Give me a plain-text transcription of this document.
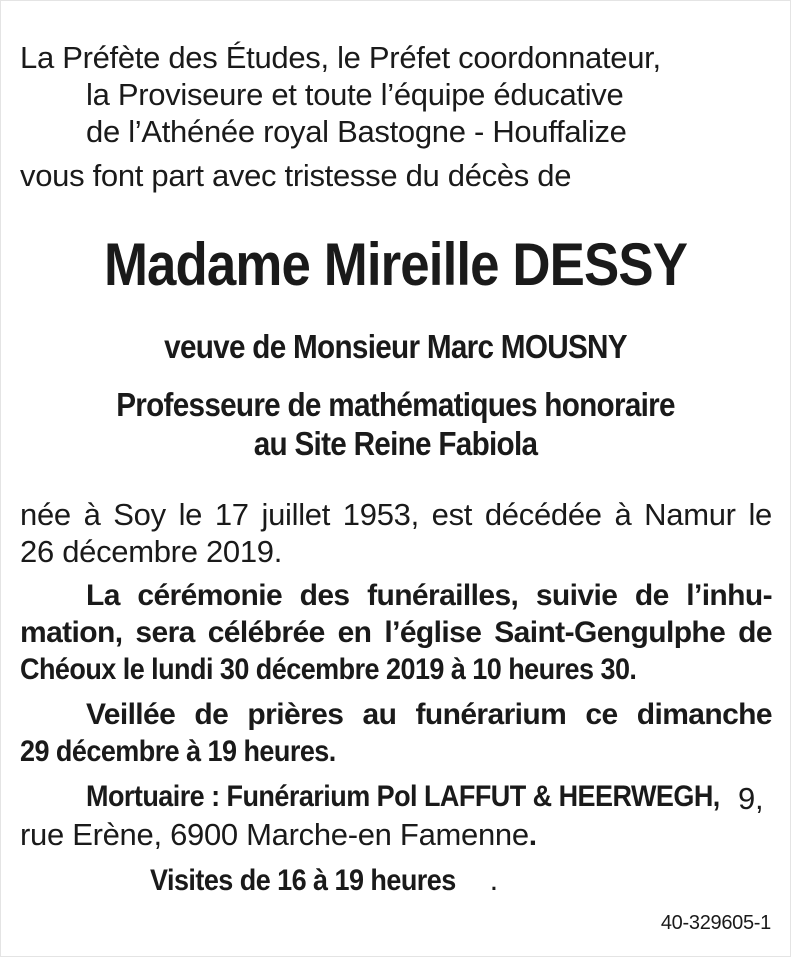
La Préfète des Études, le Préfet coordonnateur,
la Proviseure et toute l’équipe éducative
de l’Athénée royal Bastogne - Houffalize
vous font part avec tristesse du décès de
Madame Mireille DESSY
veuve de Monsieur Marc MOUSNY
Professeure de mathématiques honoraire
au Site Reine Fabiola
née à Soy le 17 juillet 1953, est décédée à Namur le
26 décembre 2019.
La cérémonie des funérailles, suivie de l’inhu-
mation, sera célébrée en l’église Saint-Gengulphe de
Chéoux le lundi 30 décembre 2019 à 10 heures 30.
Veillée de prières au funérarium ce dimanche
29 décembre à 19 heures.
Mortuaire : Funérarium Pol LAFFUT & HEERWEGH, 9,
rue Erène, 6900 Marche-en Famenne.
Visites de 16 à 19 heures .
40-329605-1
